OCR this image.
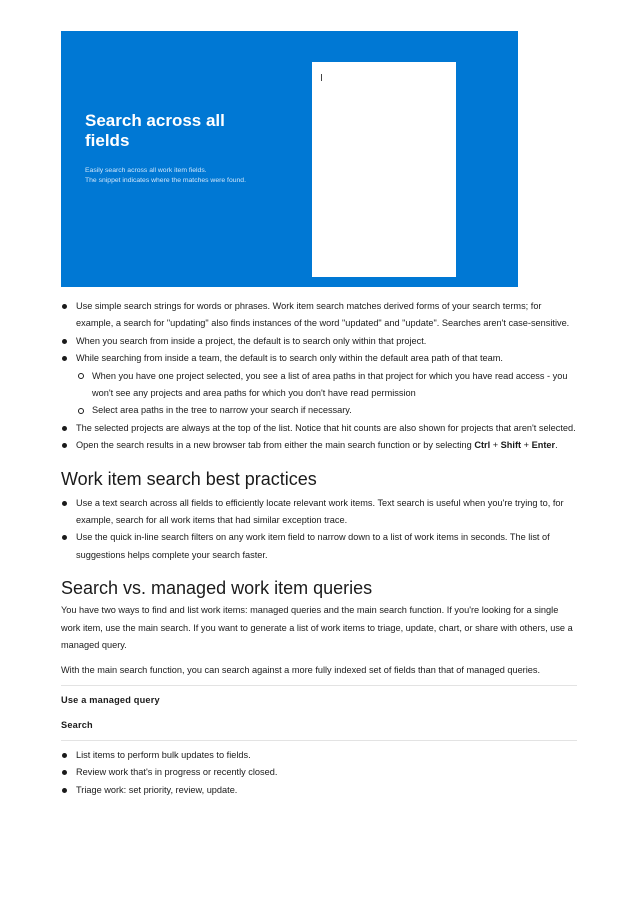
Search across all fields
Easily search across all work item fields.
The snippet indicates where the matches were found.
Use simple search strings for words or phrases. Work item search matches derived forms of your search terms; for example, a search for "updating" also finds instances of the word "updated" and "update". Searches aren't case-sensitive.
When you search from inside a project, the default is to search only within that project.
While searching from inside a team, the default is to search only within the default area path of that team.
When you have one project selected, you see a list of area paths in that project for which you have read access - you won't see any projects and area paths for which you don't have read permission
Select area paths in the tree to narrow your search if necessary.
The selected projects are always at the top of the list. Notice that hit counts are also shown for projects that aren't selected.
Open the search results in a new browser tab from either the main search function or by selecting Ctrl + Shift + Enter.
Work item search best practices
Use a text search across all fields to efficiently locate relevant work items. Text search is useful when you're trying to, for example, search for all work items that had similar exception trace.
Use the quick in-line search filters on any work item field to narrow down to a list of work items in seconds. The list of suggestions helps complete your search faster.
Search vs. managed work item queries

You have two ways to find and list work items: managed queries and the main search function. If you're looking for a single work item, use the main search. If you want to generate a list of work items to triage, update, chart, or share with others, use a managed query.

With the main search function, you can search against a more fully indexed set of fields than that of managed queries.

Use a managed query
Search
List items to perform bulk updates to fields.
Review work that's in progress or recently closed.
Triage work: set priority, review, update.
